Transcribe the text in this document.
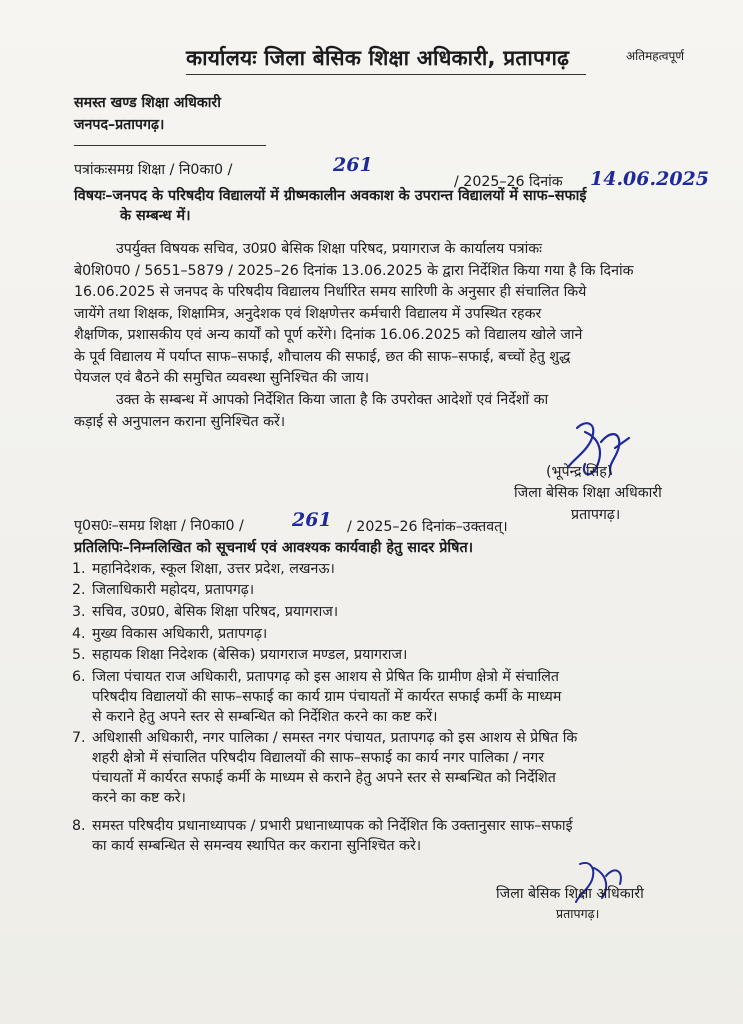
कार्यालयः जिला बेसिक शिक्षा अधिकारी, प्रतापगढ़	अतिमहत्वपूर्ण
समस्त खण्ड शिक्षा अधिकारी
जनपद–प्रतापगढ़।
पत्रांकःसमग्र शिक्षा / नि0का0 /	261
/ 2025–26 दिनांक 14.06.2025
विषयः–जनपद के परिषदीय विद्यालयों में ग्रीष्मकालीन अवकाश के उपरान्त विद्यालयों में साफ–सफाई
के सम्बन्ध में।
उपर्युक्त विषयक सचिव, उ0प्र0 बेसिक शिक्षा परिषद, प्रयागराज के कार्यालय पत्रांकः
बे0शि0प0 / 5651–5879 / 2025–26 दिनांक 13.06.2025 के द्वारा निर्देशित किया गया है कि दिनांक
16.06.2025 से जनपद के परिषदीय विद्यालय निर्धारित समय सारिणी के अनुसार ही संचालित किये
जायेंगे तथा शिक्षक, शिक्षामित्र, अनुदेशक एवं शिक्षणेत्तर कर्मचारी विद्यालय में उपस्थित रहकर
शैक्षणिक, प्रशासकीय एवं अन्य कार्यों को पूर्ण करेंगे। दिनांक 16.06.2025 को विद्यालय खोले जाने
के पूर्व विद्यालय में पर्याप्त साफ–सफाई, शौचालय की सफाई, छत की साफ–सफाई, बच्चों हेतु शुद्ध
पेयजल एवं बैठने की समुचित व्यवस्था सुनिश्चित की जाय।
उक्त के सम्बन्ध में आपको निर्देशित किया जाता है कि उपरोक्त आदेशों एवं निर्देशों का
कड़ाई से अनुपालन कराना सुनिश्चित करें।
(भूपेन्द्र सिंह)
जिला बेसिक शिक्षा अधिकारी
प्रतापगढ़।
पृ0स0ः–समग्र शिक्षा / नि0का0 /	261 / 2025–26 दिनांक–उक्तवत्।
प्रतिलिपिः–निम्नलिखित को सूचनार्थ एवं आवश्यक कार्यवाही हेतु सादर प्रेषित।
1. महानिदेशक, स्कूल शिक्षा, उत्तर प्रदेश, लखनऊ।
2. जिलाधिकारी महोदय, प्रतापगढ़।
3. सचिव, उ0प्र0, बेसिक शिक्षा परिषद, प्रयागराज।
4. मुख्य विकास अधिकारी, प्रतापगढ़।
5. सहायक शिक्षा निदेशक (बेसिक) प्रयागराज मण्डल, प्रयागराज।
6. जिला पंचायत राज अधिकारी, प्रतापगढ़ को इस आशय से प्रेषित कि ग्रामीण क्षेत्रो में संचालित
परिषदीय विद्यालयों की साफ–सफाई का कार्य ग्राम पंचायतों में कार्यरत सफाई कर्मी के माध्यम
से कराने हेतु अपने स्तर से सम्बन्धित को निर्देशित करने का कष्ट करें।
7. अधिशासी अधिकारी, नगर पालिका / समस्त नगर पंचायत, प्रतापगढ़ को इस आशय से प्रेषित कि
शहरी क्षेत्रो में संचालित परिषदीय विद्यालयों की साफ–सफाई का कार्य नगर पालिका / नगर
पंचायतों में कार्यरत सफाई कर्मी के माध्यम से कराने हेतु अपने स्तर से सम्बन्धित को निर्देशित
करने का कष्ट करे।
8. समस्त परिषदीय प्रधानाध्यापक / प्रभारी प्रधानाध्यापक को निर्देशित कि उक्तानुसार साफ–सफाई
का कार्य सम्बन्धित से समन्वय स्थापित कर कराना सुनिश्चित करे।
जिला बेसिक शिक्षा अधिकारी
प्रतापगढ़।
